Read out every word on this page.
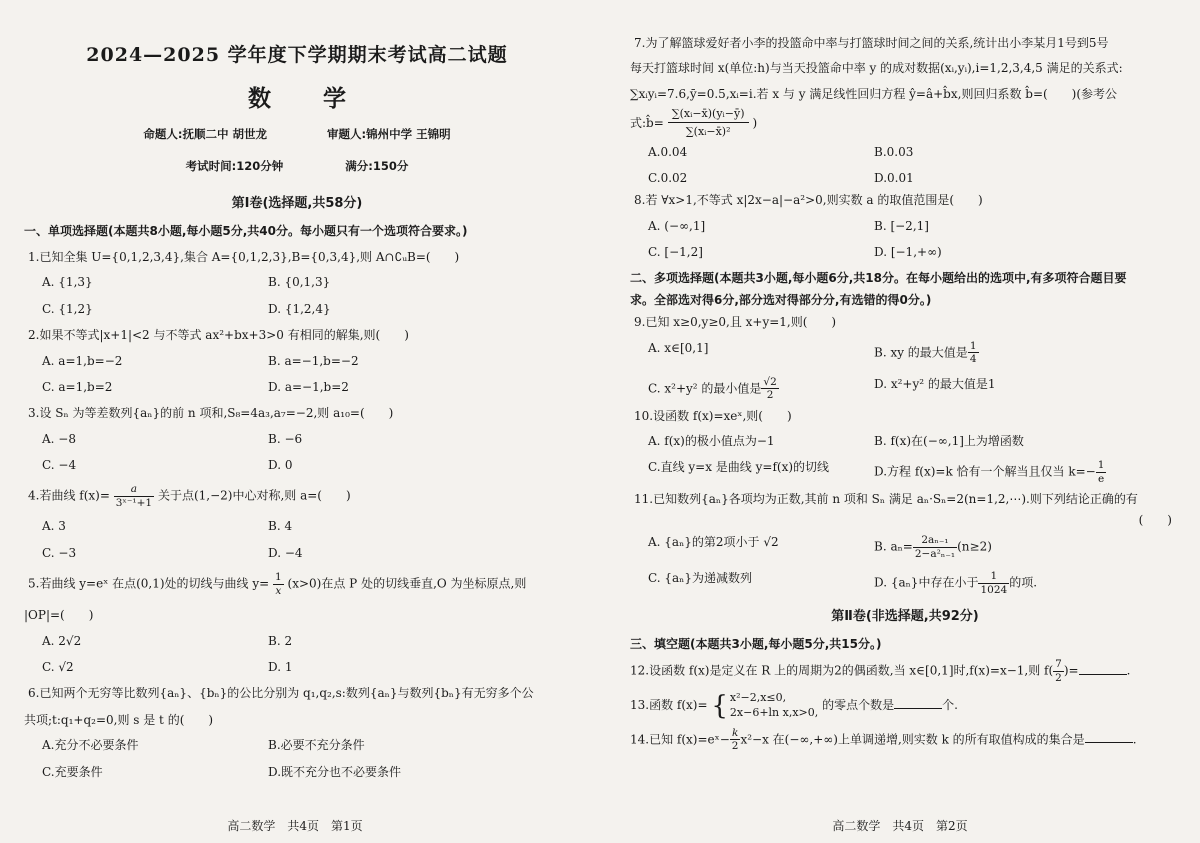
2024—2025 学年度下学期期末考试高二试题
数 学
命题人:抚顺二中 胡世龙	审题人:锦州中学 王锦明
考试时间:120分钟	满分:150分
第Ⅰ卷(选择题,共58分)
一、单项选择题(本题共8小题,每小题5分,共40分。每小题只有一个选项符合要求。)
1.已知全集 U={0,1,2,3,4},集合 A={0,1,2,3},B={0,3,4},则 A∩∁ᵤB=(　　)
A. {1,3}	B. {0,1,3}
C. {1,2}	D. {1,2,4}
2.如果不等式|x+1|<2 与不等式 ax²+bx+3>0 有相同的解集,则(　　)
A. a=1,b=−2	B. a=−1,b=−2
C. a=1,b=2	D. a=−1,b=2
3.设 Sₙ 为等差数列{aₙ}的前 n 项和,S₈=4a₃,a₇=−2,则 a₁₀=(　　)
A. −8	B. −6
C. −4	D. 0
4.若曲线 $f(x)= \frac{a}{\text{3ˣ⁻¹+1}}$ 关于点(1,−2)中心对称,则 a=(　　)
A. 3	B. 4
C. −3	D. −4
5.若曲线 y=eˣ 在点(0,1)处的切线与曲线 $y= \frac{1}{x} (x>0)$在点 P 处的切线垂直,O 为坐标原点,则
|OP|=(　　)
A. 2√2	B. 2
C. √2	D. 1
6.已知两个无穷等比数列{aₙ}、{bₙ}的公比分别为 q₁,q₂,s:数列{aₙ}与数列{bₙ}有无穷多个公
共项;t:q₁+q₂=0,则 s 是 t 的(　　)
A.充分不必要条件	B.必要不充分条件
C.充要条件	D.既不充分也不必要条件
高二数学　共4页　第1页
7.为了解篮球爱好者小李的投篮命中率与打篮球时间之间的关系,统计出小李某月1号到5号
每天打篮球时间 x(单位:h)与当天投篮命中率 y 的成对数据(xᵢ,yᵢ),i=1,2,3,4,5 满足的关系式:
∑xᵢyᵢ=7.6,ȳ=0.5,xᵢ=i.若 x 与 y 满足线性回归方程 ŷ=â+b̂x,则回归系数 b̂=(　　)(参考公
式:b̂= $\frac{\text{∑(xᵢ−x̄)(yᵢ−ȳ)}}{\text{∑(xᵢ−x̄)²}}$ )
A.0.04	B.0.03
C.0.02	D.0.01
8.若 ∀x>1,不等式 x|2x−a|−a²>0,则实数 a 的取值范围是(　　)
A. (−∞,1]	B. [−2,1]
C. [−1,2]	D. [−1,+∞)
二、多项选择题(本题共3小题,每小题6分,共18分。在每小题给出的选项中,有多项符合题目要
求。全部选对得6分,部分选对得部分分,有选错的得0分。)
9.已知 x≥0,y≥0,且 x+y=1,则(　　)
A. x∈[0,1]	B. xy 的最大值是 $\frac{1}{4}$
C. x²+y² 的最小值是 $\frac{√2}{2}$	D. x²+y² 的最大值是1
10.设函数 f(x)=xeˣ,则(　　)
A. f(x)的极小值点为−1	B. f(x)在(−∞,1]上为增函数
C.直线 y=x 是曲线 y=f(x)的切线	D.方程 f(x)=k 恰有一个解当且仅当 $k=- \frac{1}{e}$
11.已知数列{aₙ}各项均为正数,其前 n 项和 Sₙ 满足 aₙ·Sₙ=2(n=1,2,⋯).则下列结论正确的有
(　　)
A. {aₙ}的第2项小于 √2	B. $a_n= \frac{\text{2aₙ₋₁}}{\text{2−a²ₙ₋₁}} (n\ge 2)$
C. {aₙ}为递减数列	D. {aₙ}中存在小于 $\frac{1}{1024}$ 的项.
第Ⅱ卷(非选择题,共92分)
三、填空题(本题共3小题,每小题5分,共15分。)
12.设函数 f(x)是定义在 R 上的周期为2的偶函数,当 x∈[0,1]时,f(x)=x−1,则 $f( \frac{7}{2}$ )=	.
13.函数 f(x)= { x²−2,x≤0,
2x−6+ln x,x>0, 的零点个数是	个.
14.已知 f(x)=eˣ− $\frac{k}{2} x^2-x$ 在(−∞,+∞)上单调递增,则实数 k 的所有取值构成的集合是	.
高二数学　共4页　第2页
